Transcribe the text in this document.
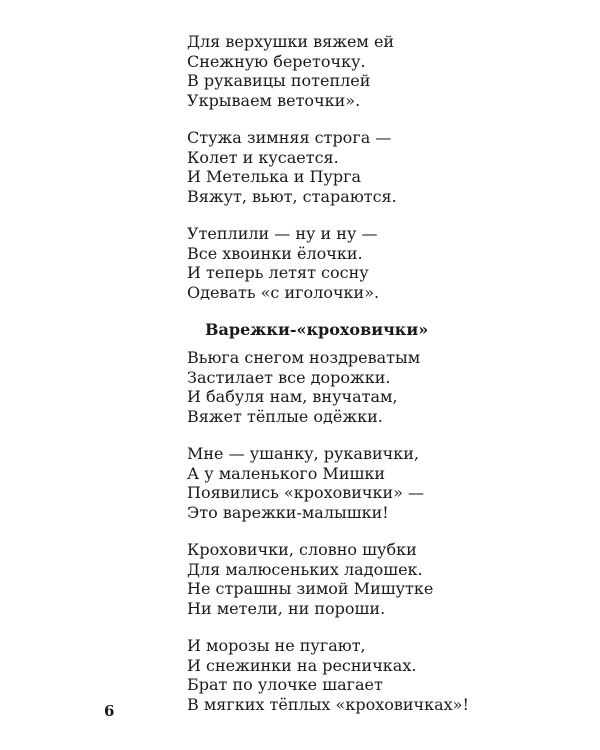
Для верхушки вяжем ей
Снежную береточку.
В рукавицы потеплей
Укрываем веточки».
Стужа зимняя строга —
Колет и кусается.
И Метелька и Пурга
Вяжут, вьют, стараются.
Утеплили — ну и ну —
Все хвоинки ёлочки.
И теперь летят сосну
Одевать «с иголочки».
Варежки-«кроховички»
Вьюга снегом ноздреватым
Застилает все дорожки.
И бабуля нам, внучатам,
Вяжет тёплые одёжки.
Мне — ушанку, рукавички,
А у маленького Мишки
Появились «кроховички» —
Это варежки-малышки!
Кроховички, словно шубки
Для малюсеньких ладошек.
Не страшны зимой Мишутке
Ни метели, ни пороши.
И морозы не пугают,
И снежинки на ресничках.
Брат по улочке шагает
В мягких тёплых «кроховичках»!
6
